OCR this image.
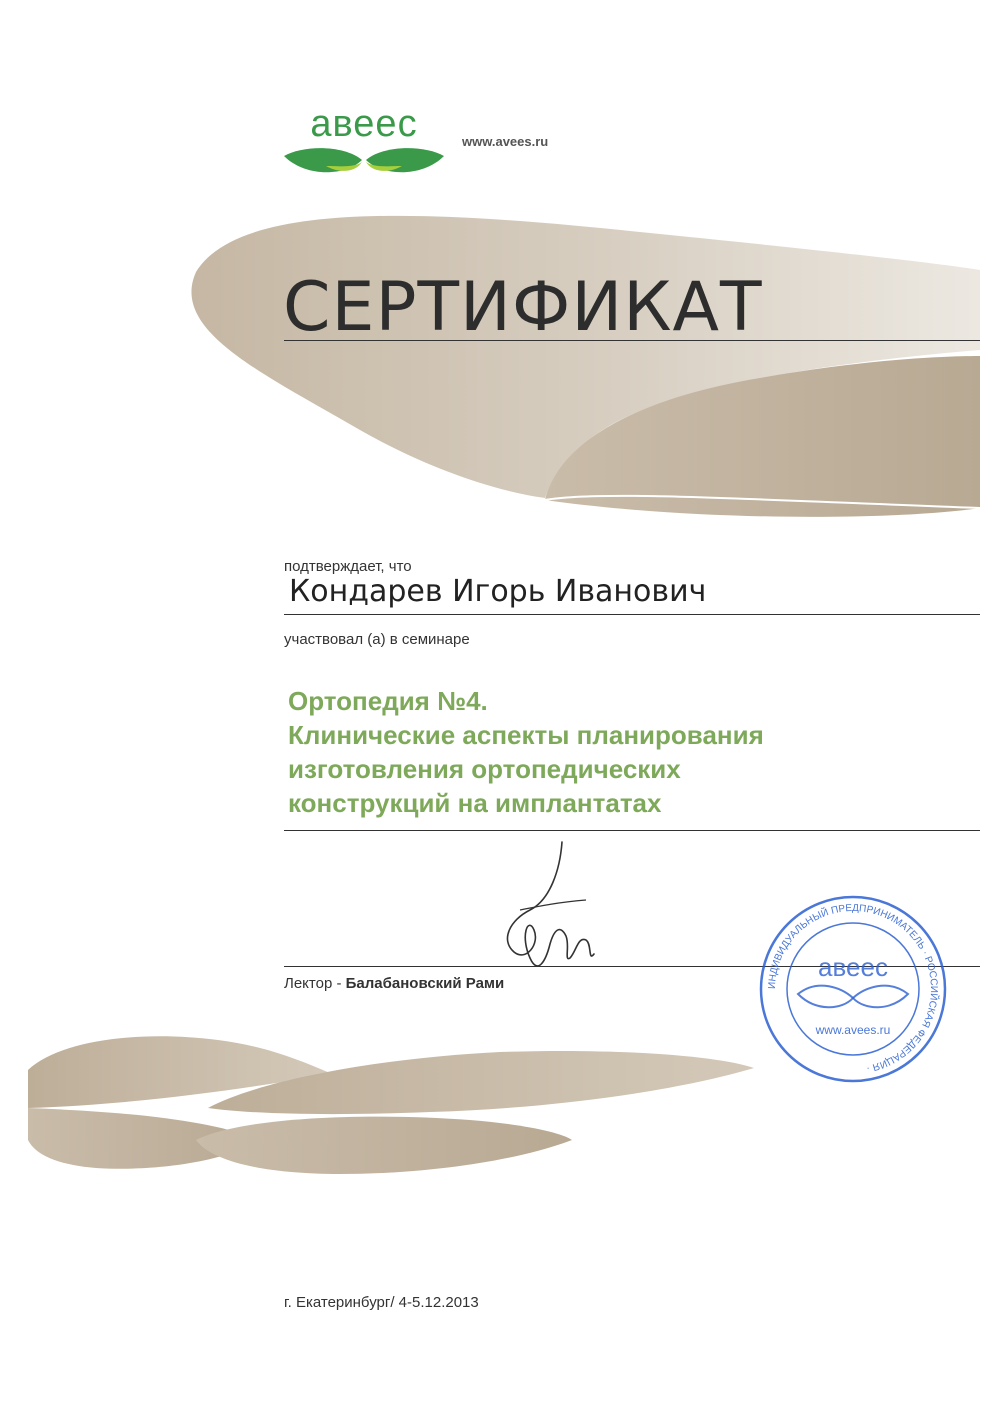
авеес	www.avees.ru
СЕРТИФИКАТ
подтверждает, что
Кондарев Игорь Иванович
участвовал (а) в семинаре
Ортопедия №4.
Клинические аспекты планирования
изготовления ортопедических
конструкций на имплантатах
Лектор - Балабановский Рами	ИНДИВИДУАЛЬНЫЙ ПРЕДПРИНИМАТЕЛЬ · РОССИЙСКАЯ ФЕДЕРАЦИЯ ·
авеес
www.avees.ru
г. Екатеринбург/ 4-5.12.2013
